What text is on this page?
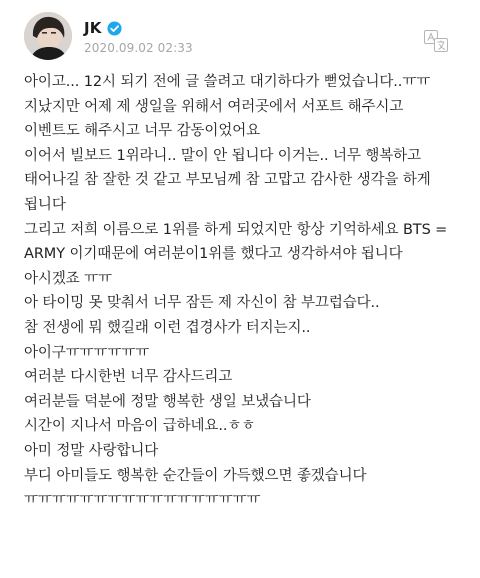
JK
2020.09.02 02:33
아이고... 12시 되기 전에 글 쓸려고 대기하다가 뻗었습니다..ㅠㅠ
지났지만 어제 제 생일을 위해서 여러곳에서 서포트 해주시고
이벤트도 해주시고 너무 감동이었어요
이어서 빌보드 1위라니.. 말이 안 됩니다 이거는.. 너무 행복하고
태어나길 참 잘한 것 같고 부모님께 참 고맙고 감사한 생각을 하게
됩니다
그리고 저희 이름으로 1위를 하게 되었지만 항상 기억하세요 BTS =
ARMY 이기때문에 여러분이1위를 했다고 생각하셔야 됩니다
아시겠죠 ㅠㅠ
아 타이밍 못 맞춰서 너무 잠든 제 자신이 참 부끄럽습다..
참 전생에 뭐 했길래 이런 겹경사가 터지는지..
아이구ㅠㅠㅠㅠㅠㅠ
여러분 다시한번 너무 감사드리고
여러분들 덕분에 정말 행복한 생일 보냈습니다
시간이 지나서 마음이 급하네요..ㅎㅎ
아미 정말 사랑합니다
부디 아미들도 행복한 순간들이 가득했으면 좋겠습니다
ㅠㅠㅠㅠㅠㅠㅠㅠㅠㅠㅠㅠㅠㅠㅠㅠㅠ
